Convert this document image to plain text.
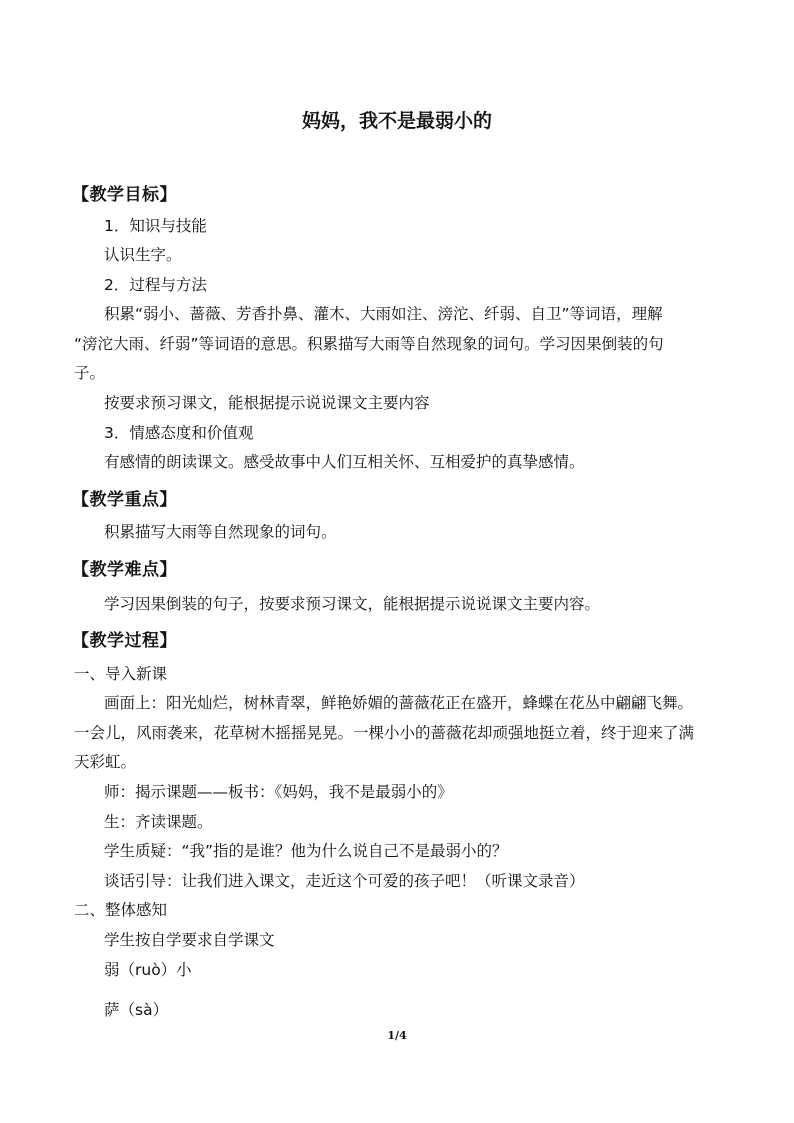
妈妈，我不是最弱小的
【教学目标】
1．知识与技能
认识生字。
2．过程与方法
积累“弱小、蔷薇、芳香扑鼻、灌木、大雨如注、滂沱、纤弱、自卫”等词语，理解
“滂沱大雨、纤弱”等词语的意思。积累描写大雨等自然现象的词句。学习因果倒装的句
子。
按要求预习课文，能根据提示说说课文主要内容
3．情感态度和价值观
有感情的朗读课文。感受故事中人们互相关怀、互相爱护的真挚感情。
【教学重点】
积累描写大雨等自然现象的词句。
【教学难点】
学习因果倒装的句子，按要求预习课文，能根据提示说说课文主要内容。
【教学过程】
一、导入新课
画面上：阳光灿烂，树林青翠，鲜艳娇媚的蔷薇花正在盛开，蜂蝶在花丛中翩翩飞舞。
一会儿，风雨袭来，花草树木摇摇晃晃。一棵小小的蔷薇花却顽强地挺立着，终于迎来了满
天彩虹。
师：揭示课题——板书：《妈妈，我不是最弱小的》
生：齐读课题。
学生质疑：“我”指的是谁？他为什么说自己不是最弱小的？
谈话引导：让我们进入课文，走近这个可爱的孩子吧！（听课文录音）
二、整体感知
学生按自学要求自学课文
弱（ruò）小
萨（sà）
1/4
